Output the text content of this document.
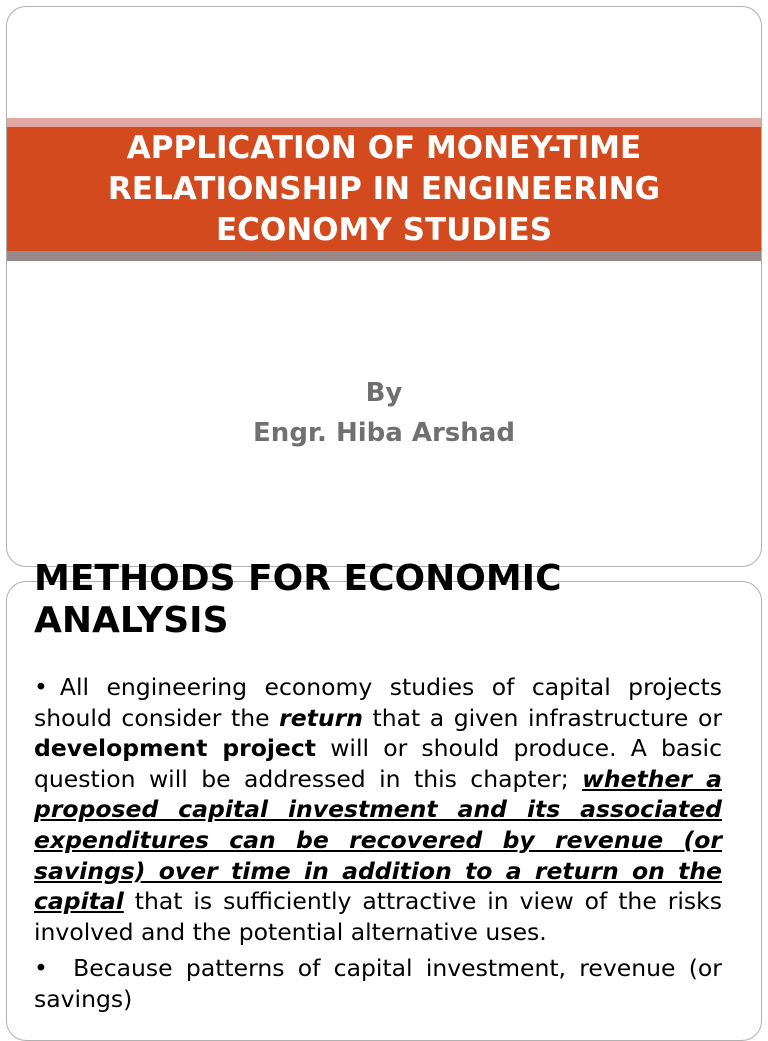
APPLICATION OF MONEY-TIME RELATIONSHIP IN ENGINEERING ECONOMY STUDIES
By
Engr. Hiba Arshad
METHODS FOR ECONOMIC ANALYSIS

• All engineering economy studies of capital projects should consider the return that a given infrastructure or development project will or should produce. A basic question will be addressed in this chapter; whether a proposed capital investment and its associated expenditures can be recovered by revenue (or savings) over time in addition to a return on the capital that is sufficiently attractive in view of the risks involved and the potential alternative uses.

• Because patterns of capital investment, revenue (or savings)
